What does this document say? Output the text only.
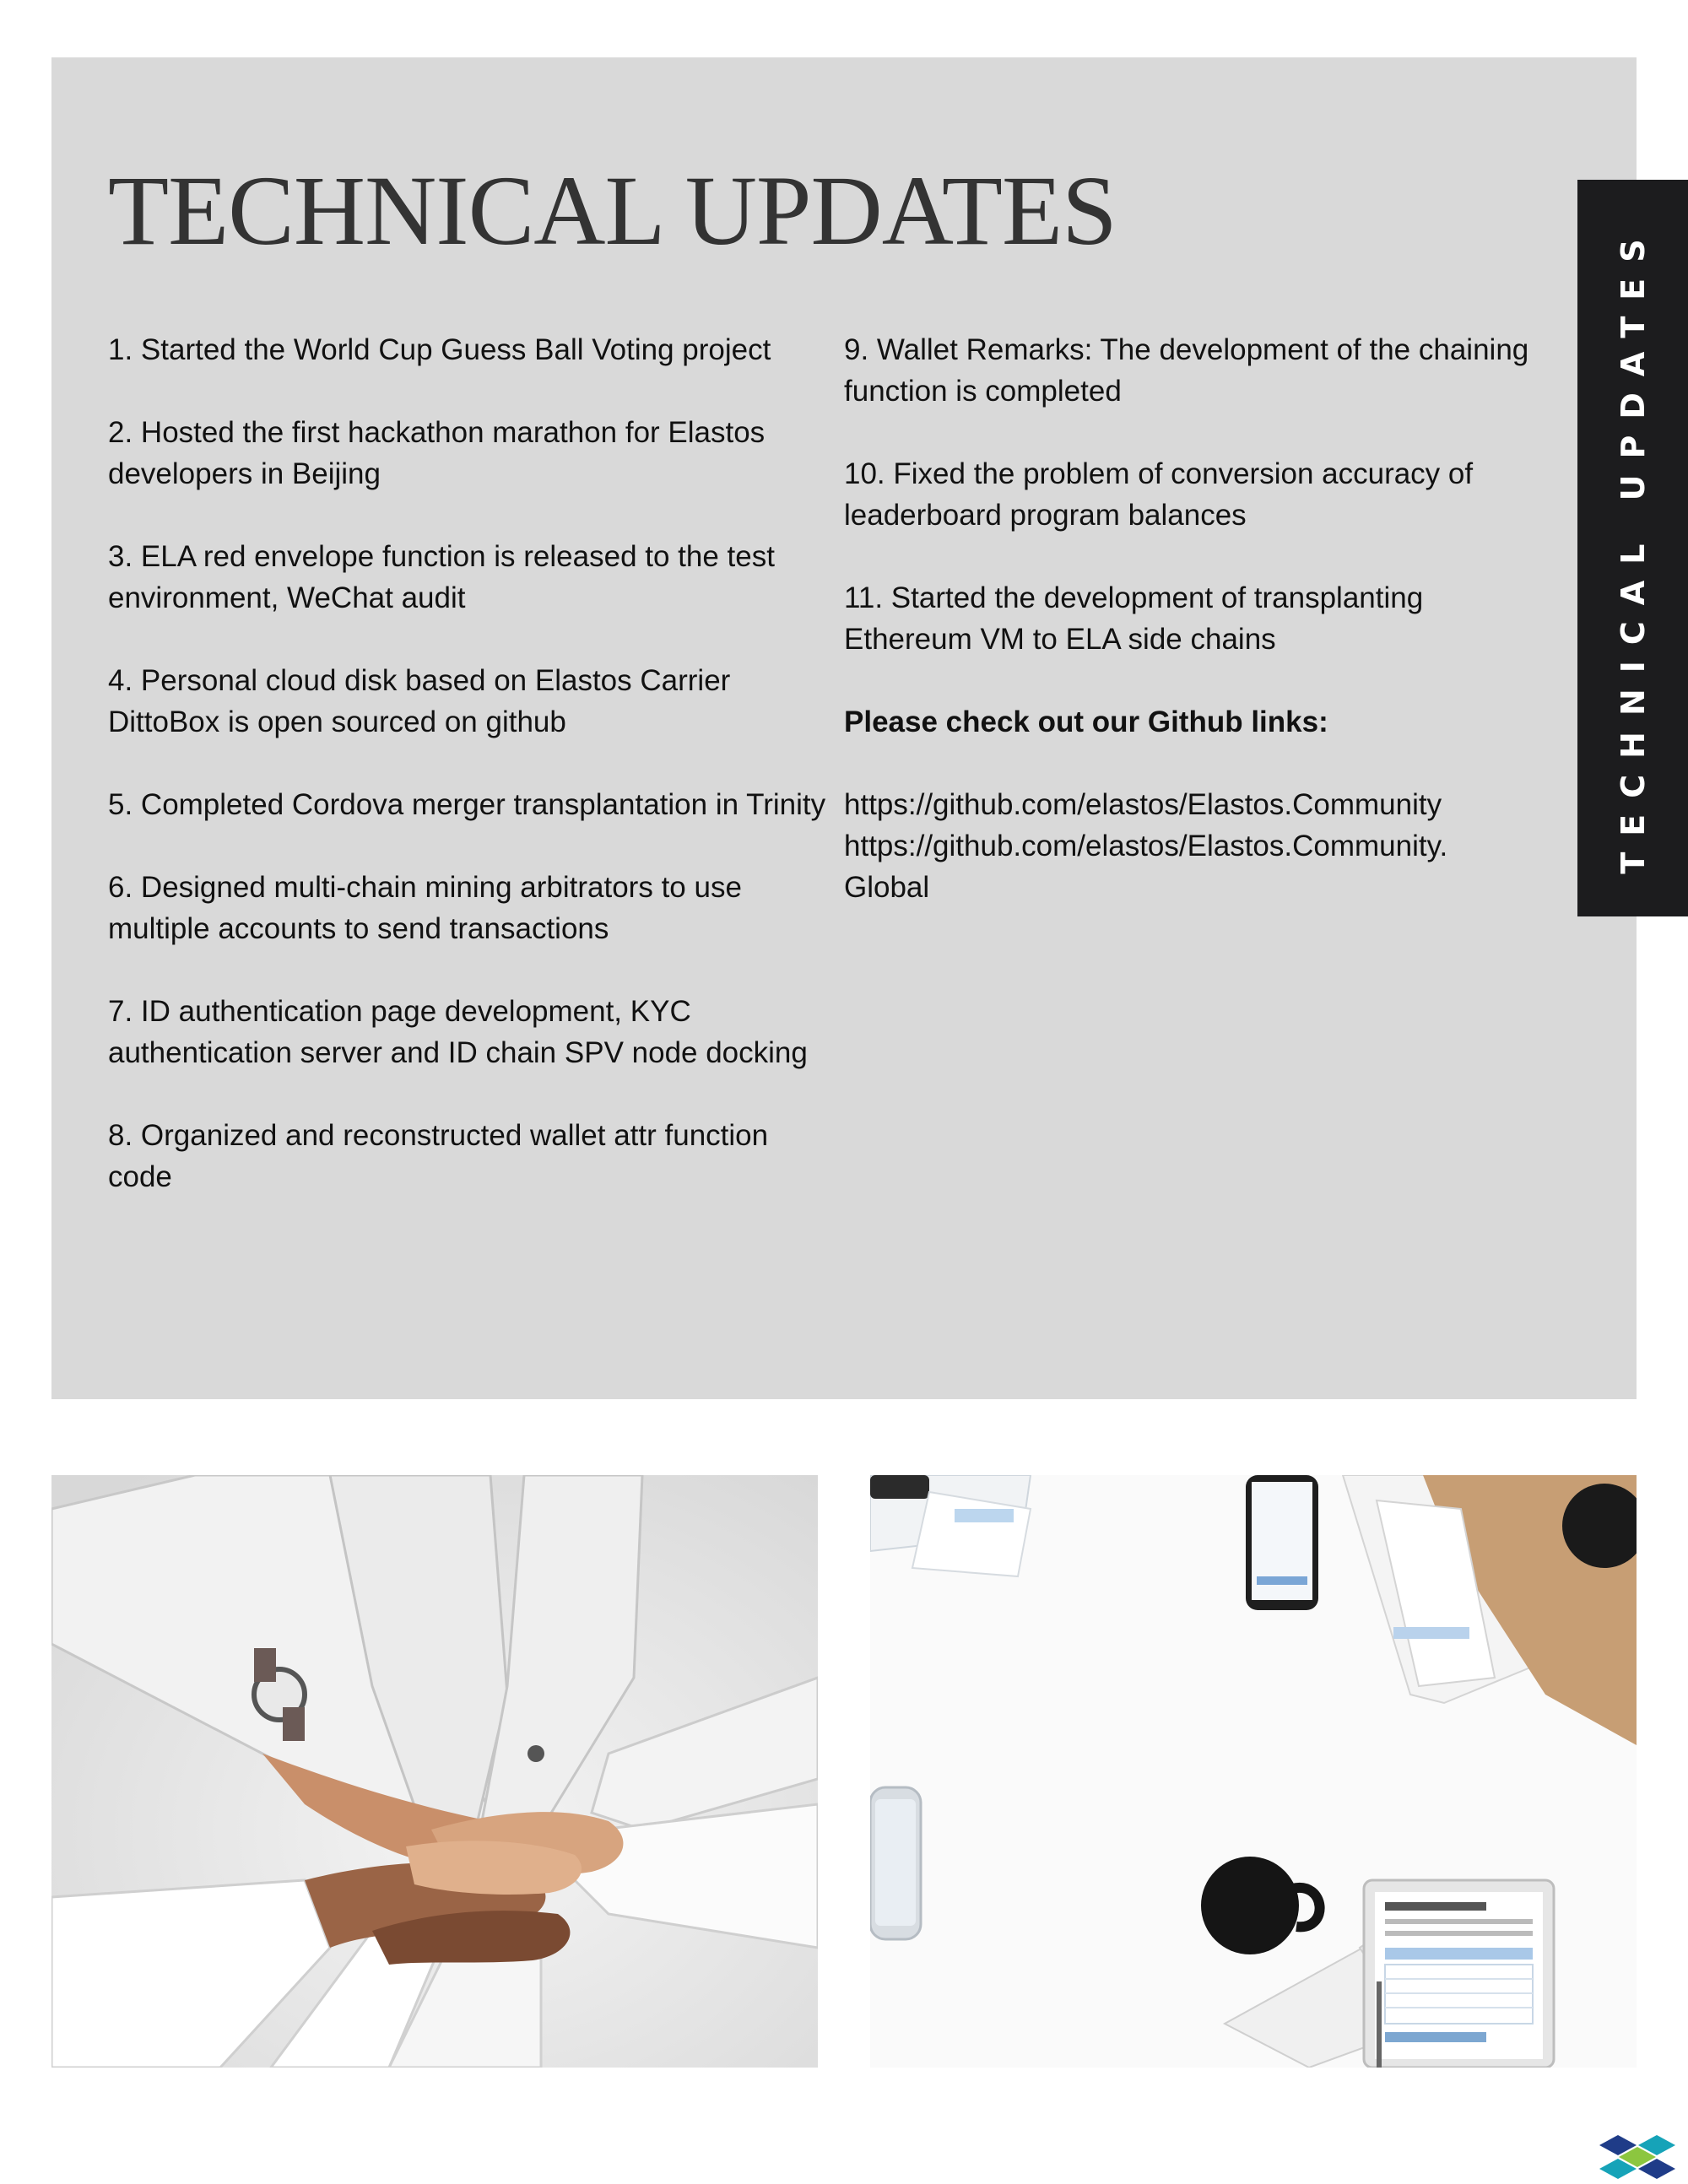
TECHNICAL UPDATES

1. Started the World Cup Guess Ball Voting project

2. Hosted the first hackathon marathon for Elastos developers in Beijing

3. ELA red envelope function is released to the test environment, WeChat audit

4. Personal cloud disk based on Elastos Carrier DittoBox is open sourced on github

5. Completed Cordova merger transplantation in Trinity

6. Designed multi-chain mining arbitrators to use multiple accounts to send transactions

7. ID authentication page development, KYC authentication server and ID chain SPV node docking

8. Organized and reconstructed wallet attr function code

9. Wallet Remarks: The development of the chaining function is completed

10. Fixed the problem of conversion accuracy of leaderboard program balances

11. Started the development of transplanting Ethereum VM to ELA side chains

Please check out our Github links:

https://github.com/elastos/Elastos.Community

https://github.com/elastos/Elastos.Community.
Global

TECHNICAL UPDATES
